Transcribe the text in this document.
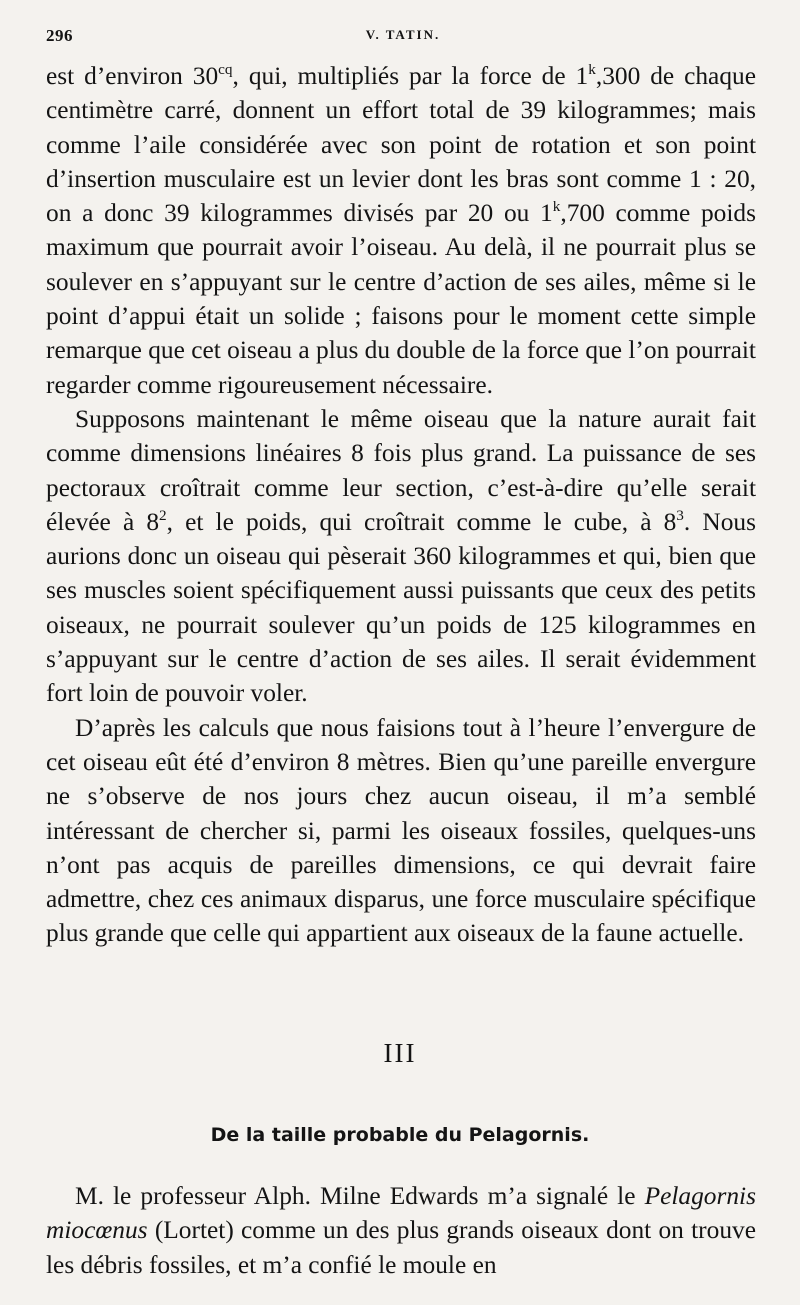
296	V. TATIN.

est d’environ $30^{cq}$, qui, multipliés par la force de 1$^k$,300 de chaque centimètre carré, donnent un effort total de 39 kilogrammes; mais comme l’aile considérée avec son point de rotation et son point d’insertion musculaire est un levier dont les bras sont comme 1 : 20, on a donc 39 kilogrammes divisés par 20 ou 1$^k$,700 comme poids maximum que pourrait avoir l’oiseau. Au delà, il ne pourrait plus se soulever en s’appuyant sur le centre d’action de ses ailes, même si le point d’appui était un solide ; faisons pour le moment cette simple remarque que cet oiseau a plus du double de la force que l’on pourrait regarder comme rigoureusement nécessaire.

Supposons maintenant le même oiseau que la nature aurait fait comme dimensions linéaires 8 fois plus grand. La puissance de ses pectoraux croîtrait comme leur section, c’est-à-dire qu’elle serait élevée à $8^2$, et le poids, qui croîtrait comme le cube, à $8^3$. Nous aurions donc un oiseau qui pèserait 360 kilogrammes et qui, bien que ses muscles soient spécifiquement aussi puissants que ceux des petits oiseaux, ne pourrait soulever qu’un poids de 125 kilogrammes en s’appuyant sur le centre d’action de ses ailes. Il serait évidemment fort loin de pouvoir voler.

D’après les calculs que nous faisions tout à l’heure l’envergure de cet oiseau eût été d’environ 8 mètres. Bien qu’une pareille envergure ne s’observe de nos jours chez aucun oiseau, il m’a semblé intéressant de chercher si, parmi les oiseaux fossiles, quelques-uns n’ont pas acquis de pareilles dimensions, ce qui devrait faire admettre, chez ces animaux disparus, une force musculaire spécifique plus grande que celle qui appartient aux oiseaux de la faune actuelle.

III
De la taille probable du Pelagornis.

M. le professeur Alph. Milne Edwards m’a signalé le Pelagornis miocœnus (Lortet) comme un des plus grands oiseaux dont on trouve les débris fossiles, et m’a confié le moule en
